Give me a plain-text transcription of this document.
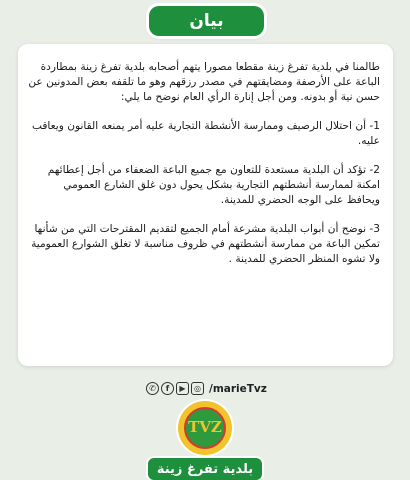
بيان

طالمنا في بلدية تفرغ زينة مقطعا مصورا يتهم أصحابه بلدية تفرغ زينة بمطاردة الباعة على الأرصفة ومضايقتهم في مصدر رزقهم وهو ما تلقفه بعض المدونين عن حسن نية أو بدونه. ومن أجل إنارة الرأي العام نوضح ما يلي:

1- أن احتلال الرصيف وممارسة الأنشطة التجارية عليه أمر يمنعه القانون ويعاقب عليه.

2- تؤكد أن البلدية مستعدة للتعاون مع جميع الباعة الضعفاء من أجل إعطائهم امكنة لممارسة أنشطتهم التجارية بشكل يحول دون غلق الشارع العمومي ويحافظ على الوجه الحضري للمدينة.

3- نوضح أن أبواب البلدية مشرعة أمام الجميع لتقديم المقترحات التي من شأنها تمكين الباعة من ممارسة أنشطتهم في ظروف مناسبة لا تغلق الشوارع العمومية ولا تشوه المنظر الحضري للمدينة .

✆	f	▶	◎ /marieTvz
TVZ
بلدية تفرغ زينة
